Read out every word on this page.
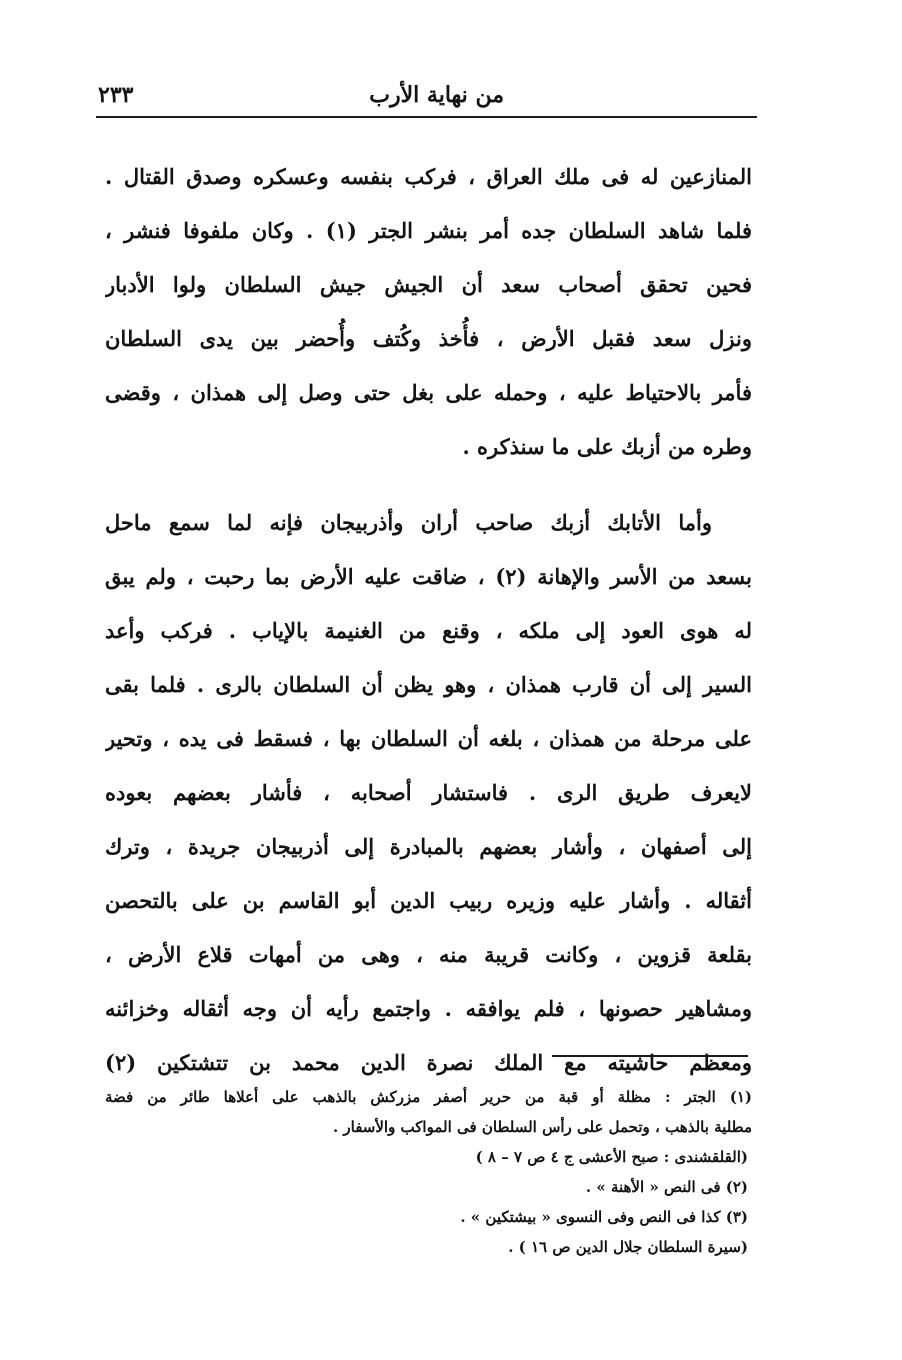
من نهاية الأرب
٢٣٣
المنازعين له فى ملك العراق ، فركب بنفسه وعسكره وصدق القتال .
فلما شاهد السلطان جده أمر بنشر الجتر (١) . وكان ملفوفا فنشر ،
فحين تحقق أصحاب سعد أن الجيش جيش السلطان ولوا الأدبار
ونزل سعد فقبل الأرض ، فأُخذ وكُتف وأُحضر بين يدى السلطان
فأمر بالاحتياط عليه ، وحمله على بغل حتى وصل إلى همذان ، وقضى
وطره من أزبك على ما سنذكره .
وأما الأتابك أزبك صاحب أران وأذربيجان فإنه لما سمع ماحل
بسعد من الأسر والإهانة (٢) ، ضاقت عليه الأرض بما رحبت ، ولم يبق
له هوى العود إلى ملكه ، وقنع من الغنيمة بالإياب . فركب وأعد
السير إلى أن قارب همذان ، وهو يظن أن السلطان بالرى . فلما بقى
على مرحلة من همذان ، بلغه أن السلطان بها ، فسقط فى يده ، وتحير
لايعرف طريق الرى . فاستشار أصحابه ، فأشار بعضهم بعوده
إلى أصفهان ، وأشار بعضهم بالمبادرة إلى أذربيجان جريدة ، وترك
أثقاله . وأشار عليه وزيره ربيب الدين أبو القاسم بن على بالتحصن
بقلعة قزوين ، وكانت قريبة منه ، وهى من أمهات قلاع الأرض ،
ومشاهير حصونها ، فلم يوافقه . واجتمع رأيه أن وجه أثقاله وخزائنه
ومعظم حاشيته مع الملك نصرة الدين محمد بن تتشتكين (٢)
(١) الجتر : مظلة أو قبة من حرير أصفر مزركش بالذهب على أعلاها طائر من فضة
مطلية بالذهب ، وتحمل على رأس السلطان فى المواكب والأسفار .
(القلقشندى : صبح الأعشى ج ٤ ص ٧ – ٨ )
(٢) فى النص « الأهنة » .
(٣) كذا فى النص وفى النسوى « بيشتكين » .
(سيرة السلطان جلال الدين ص ١٦ ) .
